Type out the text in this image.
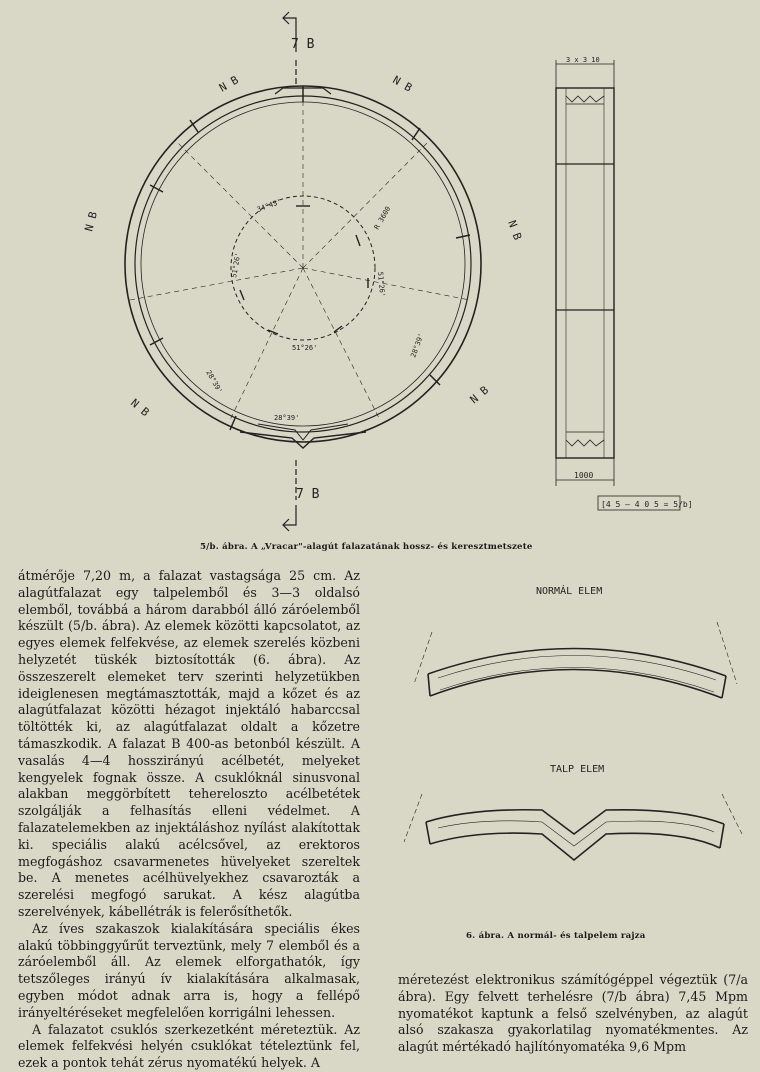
7 B
7 B
N B	N B
N B	N B
N B
N B
R 3600
34°43'
51°26'
51°26'
28°39'
28°39'
51°26'
28°39'
3 x 3 10
1000
[4 5 — 4 0 5 = 5/b]
5/b. ábra. A „Vracar"-alagút falazatának hossz- és keresztmetszete

átmérője 7,20 m, a falazat vastagsága 25 cm. Az alagútfalazat egy talpelemből és 3—3 oldalsó elemből, továbbá a három darabból álló záróelemből készült (5/b. ábra). Az elemek közötti kapcsolatot, az egyes elemek felfekvése, az elemek szerelés közbeni helyzetét tüskék biztosították (6. ábra). Az összeszerelt elemeket terv szerinti helyzetükben ideiglenesen megtámasztották, majd a kőzet és az alagútfalazat közötti hézagot injektáló habarccsal töltötték ki, az alagútfalazat oldalt a kőzetre támaszkodik. A falazat B 400-as betonból készült. A vasalás 4—4 hosszirányú acélbetét, melyeket kengyelek fognak össze. A csuklóknál sinusvonal alakban meggörbített tehereloszto acélbetétek szolgálják a felhasítás elleni védelmet. A falazatelemekben az injektáláshoz nyílást alakítottak ki. speciális alakú acélcsővel, az erektoros megfogáshoz csavarmenetes hüvelyeket szereltek be. A menetes acélhüvelyekhez csavarozták a szerelési megfogó sarukat. A kész alagútba szerelvények, kábellétrák is felerősíthetők.

Az íves szakaszok kialakítására speciális ékes alakú többinggyűrűt terveztünk, mely 7 elemből és a záróelemből áll. Az elemek elforgathatók, így tetszőleges irányú ív kialakítására alkalmasak, egyben módot adnak arra is, hogy a fellépő irányeltéréseket megfelelően korrigálni lehessen.

A falazatot csuklós szerkezetként méreteztük. Az elemek felfekvési helyén csuklókat tételeztünk fel, ezek a pontok tehát zérus nyomatékú helyek. A

NORMÁL ELEM
TALP ELEM
6. ábra. A normál- és talpelem rajza

méretezést elektronikus számítógéppel végeztük (7/a ábra). Egy felvett terhelésre (7/b ábra) 7,45 Mpm nyomatékot kaptunk a felső szelvényben, az alagút alsó szakasza gyakorlatilag nyomatékmentes. Az alagút mértékadó hajlítónyomatéka 9,6 Mpm
